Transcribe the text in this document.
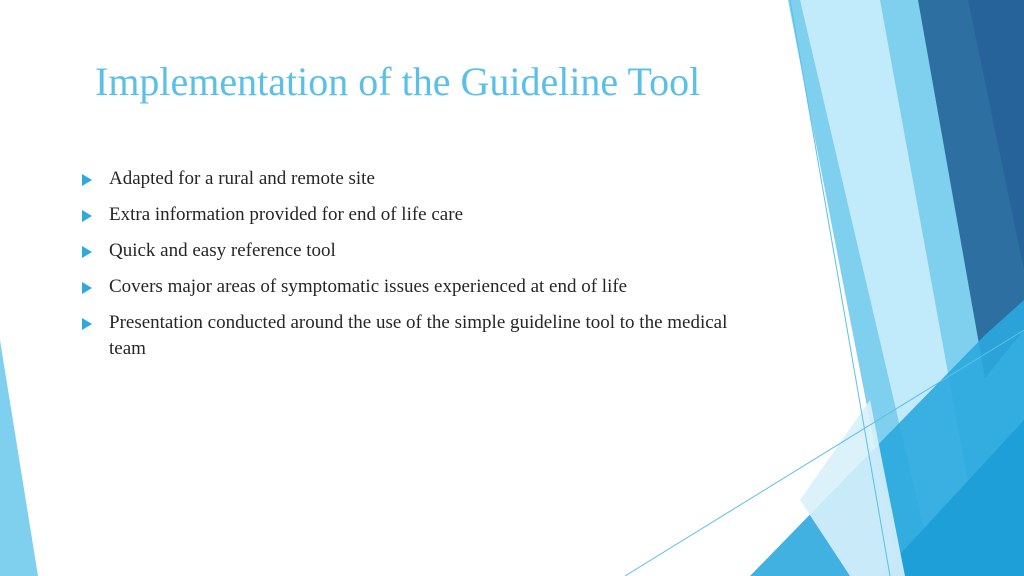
Implementation of the Guideline Tool
Adapted for a rural and remote site
Extra information provided for end of life care
Quick and easy reference tool
Covers major areas of symptomatic issues experienced at end of life
Presentation conducted around the use of the simple guideline tool to the medical team
